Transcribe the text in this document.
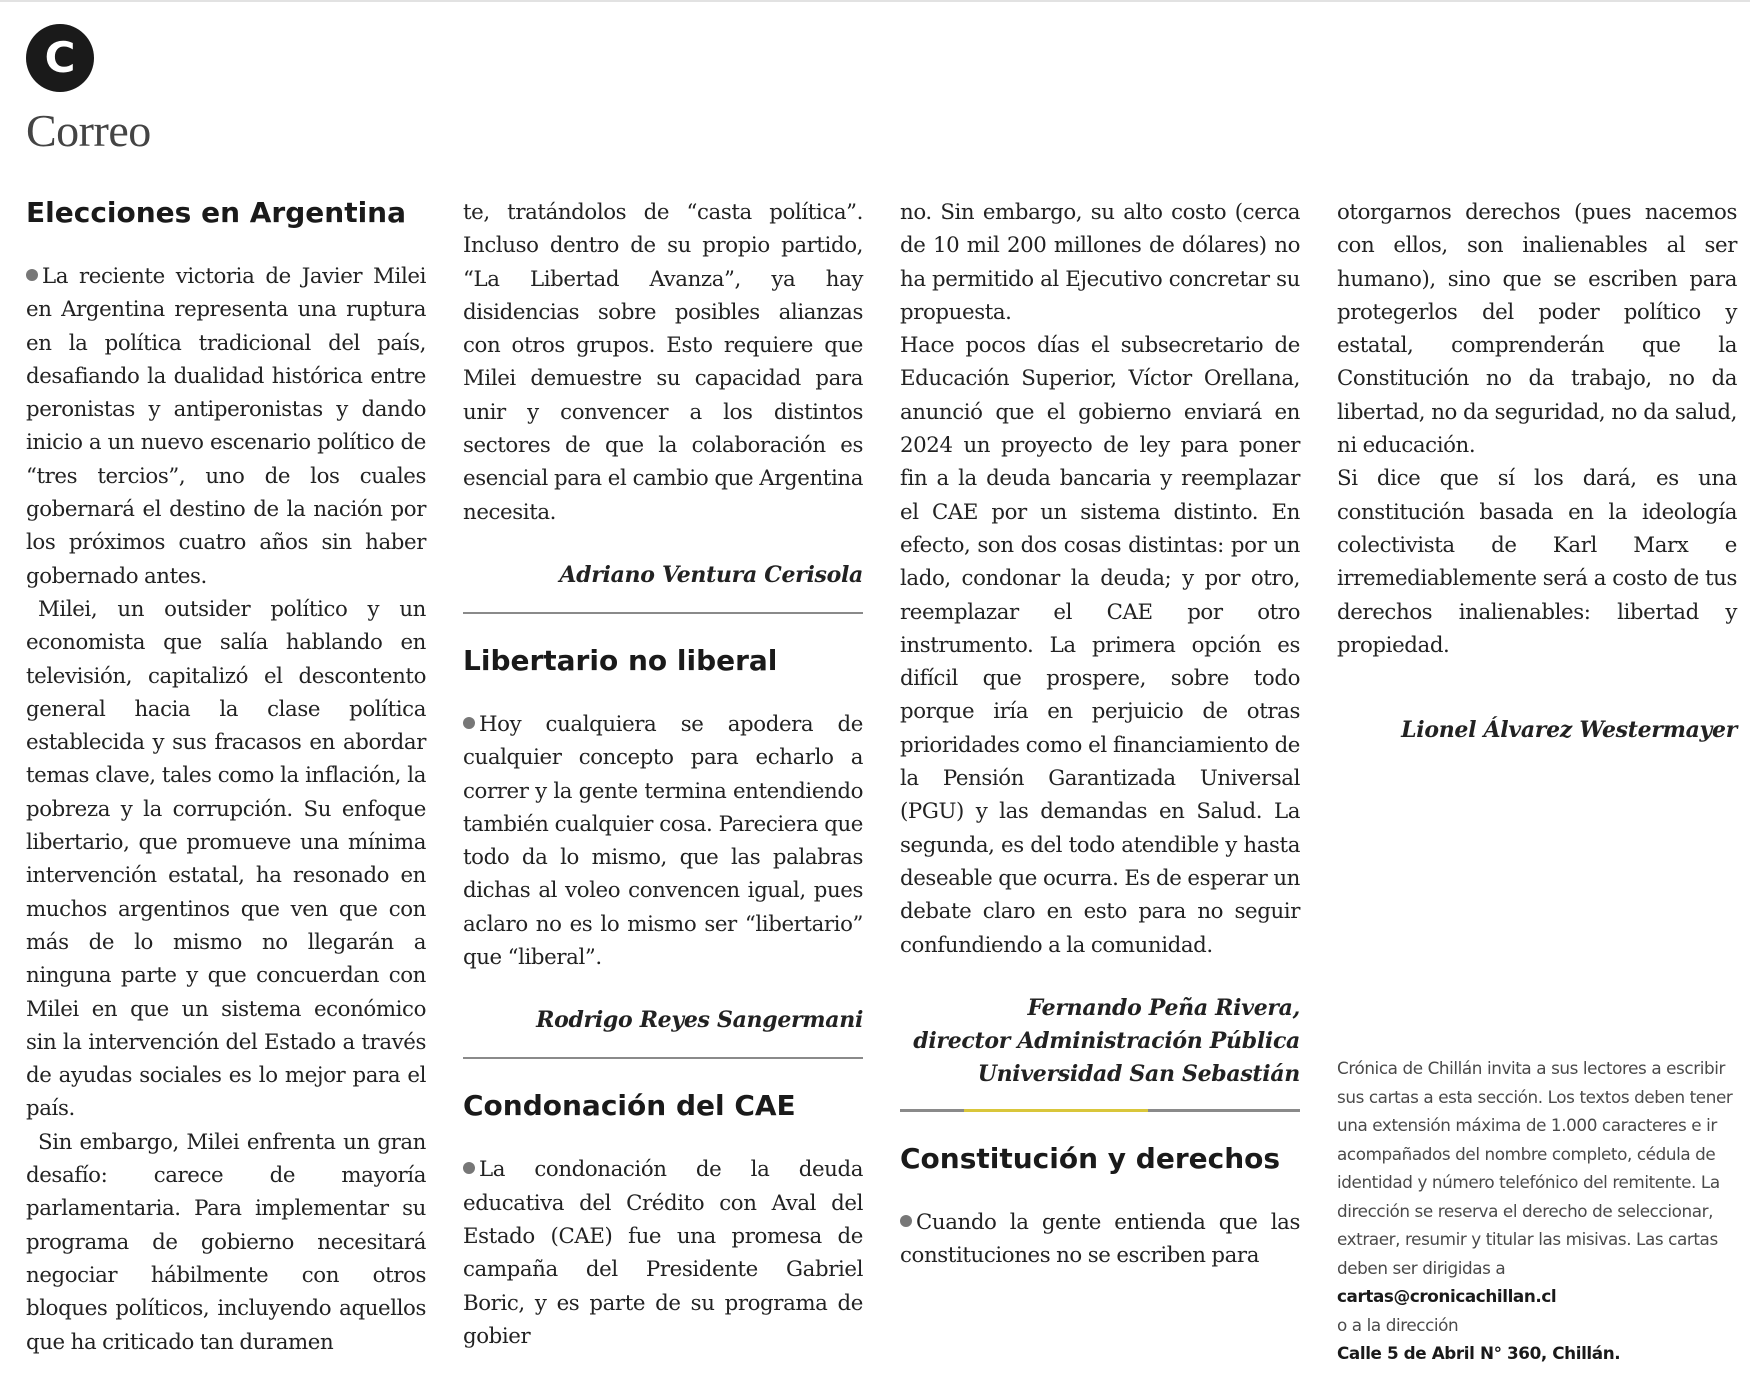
C
Correo
Elecciones en Argentina

La reciente victoria de Javier Milei en Argentina representa una ruptura en la política tradicional del país, desafiando la dualidad histórica entre peronistas y antiperonistas y dando inicio a un nuevo escenario político de “tres tercios”, uno de los cuales gobernará el destino de la nación por los próximos cuatro años sin haber gobernado antes.

Milei, un outsider político y un economista que salía hablando en televisión, capitalizó el descontento general hacia la clase política establecida y sus fracasos en abordar temas clave, tales como la inflación, la pobreza y la corrupción. Su enfoque libertario, que promueve una mínima intervención estatal, ha resonado en muchos argentinos que ven que con más de lo mismo no llegarán a ninguna parte y que concuerdan con Milei en que un sistema económico sin la intervención del Estado a través de ayudas sociales es lo mejor para el país.

Sin embargo, Milei enfrenta un gran desafío: carece de mayoría parlamentaria. Para implementar su programa de gobierno necesitará negociar hábilmente con otros bloques políticos, incluyendo aquellos que ha criticado tan duramen

te, tratándolos de “casta política”. Incluso dentro de su propio partido, “La Libertad Avanza”, ya hay disidencias sobre posibles alianzas con otros grupos. Esto requiere que Milei demuestre su capacidad para unir y convencer a los distintos sectores de que la colaboración es esencial para el cambio que Argentina necesita.

Adriano Ventura Cerisola

Libertario no liberal

Hoy cualquiera se apodera de cualquier concepto para echarlo a correr y la gente termina entendiendo también cualquier cosa. Pareciera que todo da lo mismo, que las palabras dichas al voleo convencen igual, pues aclaro no es lo mismo ser “libertario” que “liberal”.

Rodrigo Reyes Sangermani

Condonación del CAE

La condonación de la deuda educativa del Crédito con Aval del Estado (CAE) fue una promesa de campaña del Presidente Gabriel Boric, y es parte de su programa de gobier

no. Sin embargo, su alto costo (cerca de 10 mil 200 millones de dólares) no ha permitido al Ejecutivo concretar su propuesta.

Hace pocos días el subsecretario de Educación Superior, Víctor Orellana, anunció que el gobierno enviará en 2024 un proyecto de ley para poner fin a la deuda bancaria y reemplazar el CAE por un sistema distinto. En efecto, son dos cosas distintas: por un lado, condonar la deuda; y por otro, reemplazar el CAE por otro instrumento. La primera opción es difícil que prospere, sobre todo porque iría en perjuicio de otras prioridades como el financiamiento de la Pensión Garantizada Universal (PGU) y las demandas en Salud. La segunda, es del todo atendible y hasta deseable que ocurra. Es de esperar un debate claro en esto para no seguir confundiendo a la comunidad.

Fernando Peña Rivera,

director Administración Pública

Universidad San Sebastián

Constitución y derechos

Cuando la gente entienda que las constituciones no se escriben para

otorgarnos derechos (pues nacemos con ellos, son inalienables al ser humano), sino que se escriben para protegerlos del poder político y estatal, comprenderán que la Constitución no da trabajo, no da libertad, no da seguridad, no da salud, ni educación.

Si dice que sí los dará, es una constitución basada en la ideología colectivista de Karl Marx e irremediablemente será a costo de tus derechos inalienables: libertad y propiedad.

Lionel Álvarez Westermayer

Crónica de Chillán invita a sus lectores a escribir sus cartas a esta sección. Los textos deben tener una extensión máxima de 1.000 caracteres e ir acompañados del nombre completo, cédula de identidad y número telefónico del remitente. La dirección se reserva el derecho de seleccionar, extraer, resumir y titular las misivas. Las cartas deben ser dirigidas a

cartas@cronicachillan.cl

o a la dirección

Calle 5 de Abril N° 360, Chillán.
